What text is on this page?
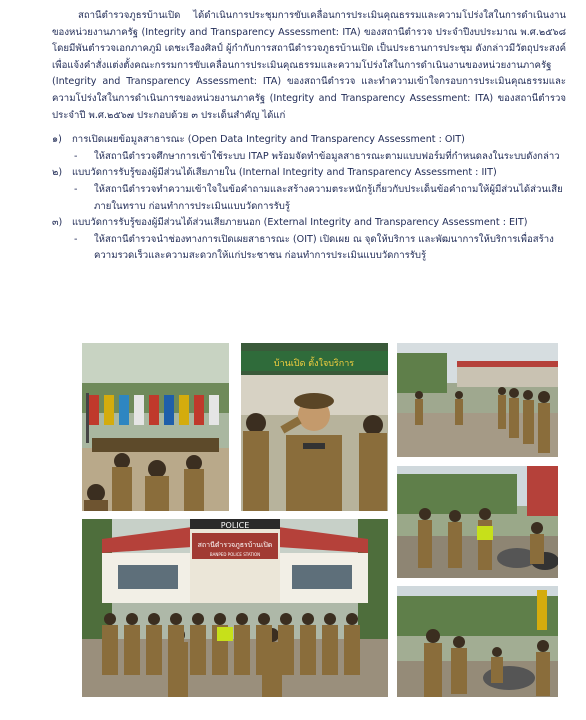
สถานีตำรวจภูธรบ้านเปิด ได้ดำเนินการประชุมการขับเคลื่อนการประเมินคุณธรรมและความโปร่งใสในการดำเนินงานของหน่วยงานภาครัฐ (Integrity and Transparency Assessment: ITA) ของสถานีตำรวจ ประจำปีงบประมาณ พ.ศ.๒๕๖๘ โดยมีพันตำรวจเอกภาคภูมิ เดชะเรืองศิลป์ ผู้กำกับการสถานีตำรวจภูธรบ้านเปิด เป็นประธานการประชุม ดังกล่าวมีวัตถุประสงค์ เพื่อแจ้งคำสั่งแต่งตั้งคณะกรรมการขับเคลื่อนการประเมินคุณธรรมและความโปร่งใสในการดำเนินงานของหน่วยงานภาครัฐ (Integrity and Transparency Assessment: ITA) ของสถานีตำรวจ และทำความเข้าใจกรอบการประเมินคุณธรรมและความโปร่งใสในการดำเนินการของหน่วยงานภาครัฐ (Integrity and Transparency Assessment: ITA) ของสถานีตำรวจ ประจำปี พ.ศ.๒๕๖๗ ประกอบด้วย ๓ ประเด็นสำคัญ ได้แก่

๑) การเปิดเผยข้อมูลสาธารณะ (Open Data Integrity and Transparency Assessment : OIT)

- ให้สถานีตำรวจศึกษาการเข้าใช้ระบบ ITAP พร้อมจัดทำข้อมูลสาธารณะตามแบบฟอร์มที่กำหนดลงในระบบดังกล่าว

๒) แบบวัดการรับรู้ของผู้มีส่วนได้เสียภายใน (Internal Integrity and Transparency Assessment : IIT)

- ให้สถานีตำรวจทำความเข้าใจในข้อคำถามและสร้างความตระหนักรู้เกี่ยวกับประเด็นข้อคำถามให้ผู้มีส่วนได้ส่วนเสียภายในทราบ ก่อนทำการประเมินแบบวัดการรับรู้

๓) แบบวัดการรับรู้ของผู้มีส่วนได้ส่วนเสียภายนอก (External Integrity and Transparency Assessment : EIT)

- ให้สถานีตำรวจนำช่องทางการเปิดเผยสาธารณะ (OIT) เปิดเผย ณ จุดให้บริการ และพัฒนาการให้บริการเพื่อสร้างความรวดเร็วและความสะดวกให้แก่ประชาชน ก่อนทำการประเมินแบบวัดการรับรู้

บ้านเปิด ตั้งใจบริการ
POLICE
สถานีตำรวจภูธรบ้านเปิด
BANPED POLICE STATION
